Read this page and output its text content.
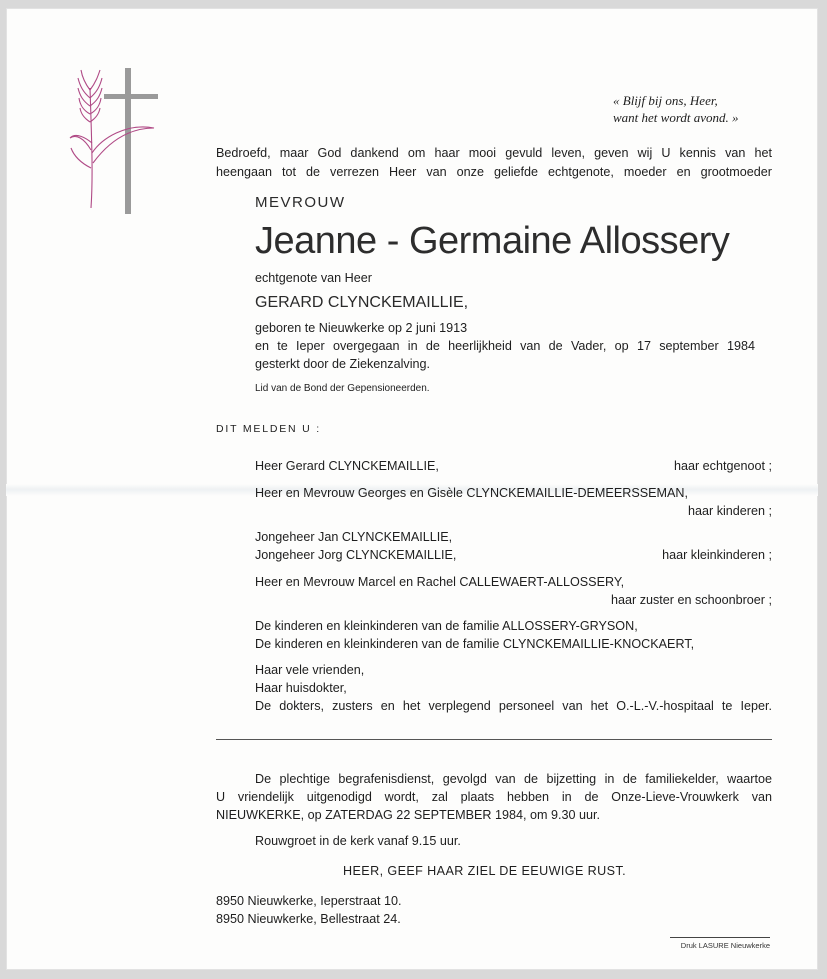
« Blijf bij ons, Heer,
want het wordt avond. »
Bedroefd, maar God dankend om haar mooi gevuld leven, geven wij U kennis van het
heengaan tot de verrezen Heer van onze geliefde echtgenote, moeder en grootmoeder
MEVROUW
Jeanne - Germaine Allossery
echtgenote van Heer
GERARD CLYNCKEMAILLIE,
geboren te Nieuwkerke op 2 juni 1913
en te Ieper overgegaan in de heerlijkheid van de Vader, op 17 september 1984
gesterkt door de Ziekenzalving.
Lid van de Bond der Gepensioneerden.
DIT MELDEN U :
Heer Gerard CLYNCKEMAILLIE,	haar echtgenoot ;
Heer en Mevrouw Georges en Gisèle CLYNCKEMAILLIE-DEMEERSSEMAN,
haar kinderen ;
Jongeheer Jan CLYNCKEMAILLIE,
Jongeheer Jorg CLYNCKEMAILLIE,	haar kleinkinderen ;
Heer en Mevrouw Marcel en Rachel CALLEWAERT-ALLOSSERY,
haar zuster en schoonbroer ;
De kinderen en kleinkinderen van de familie ALLOSSERY-GRYSON,
De kinderen en kleinkinderen van de familie CLYNCKEMAILLIE-KNOCKAERT,
Haar vele vrienden,
Haar huisdokter,
De dokters, zusters en het verplegend personeel van het O.-L.-V.-hospitaal te Ieper.
De plechtige begrafenisdienst, gevolgd van de bijzetting in de familiekelder, waartoe
U vriendelijk uitgenodigd wordt, zal plaats hebben in de Onze-Lieve-Vrouwkerk van
NIEUWKERKE, op ZATERDAG 22 SEPTEMBER 1984, om 9.30 uur.
Rouwgroet in de kerk vanaf 9.15 uur.
HEER, GEEF HAAR ZIEL DE EEUWIGE RUST.
8950 Nieuwkerke, Ieperstraat 10.
8950 Nieuwkerke, Bellestraat 24.
Druk LASURE Nieuwkerke
